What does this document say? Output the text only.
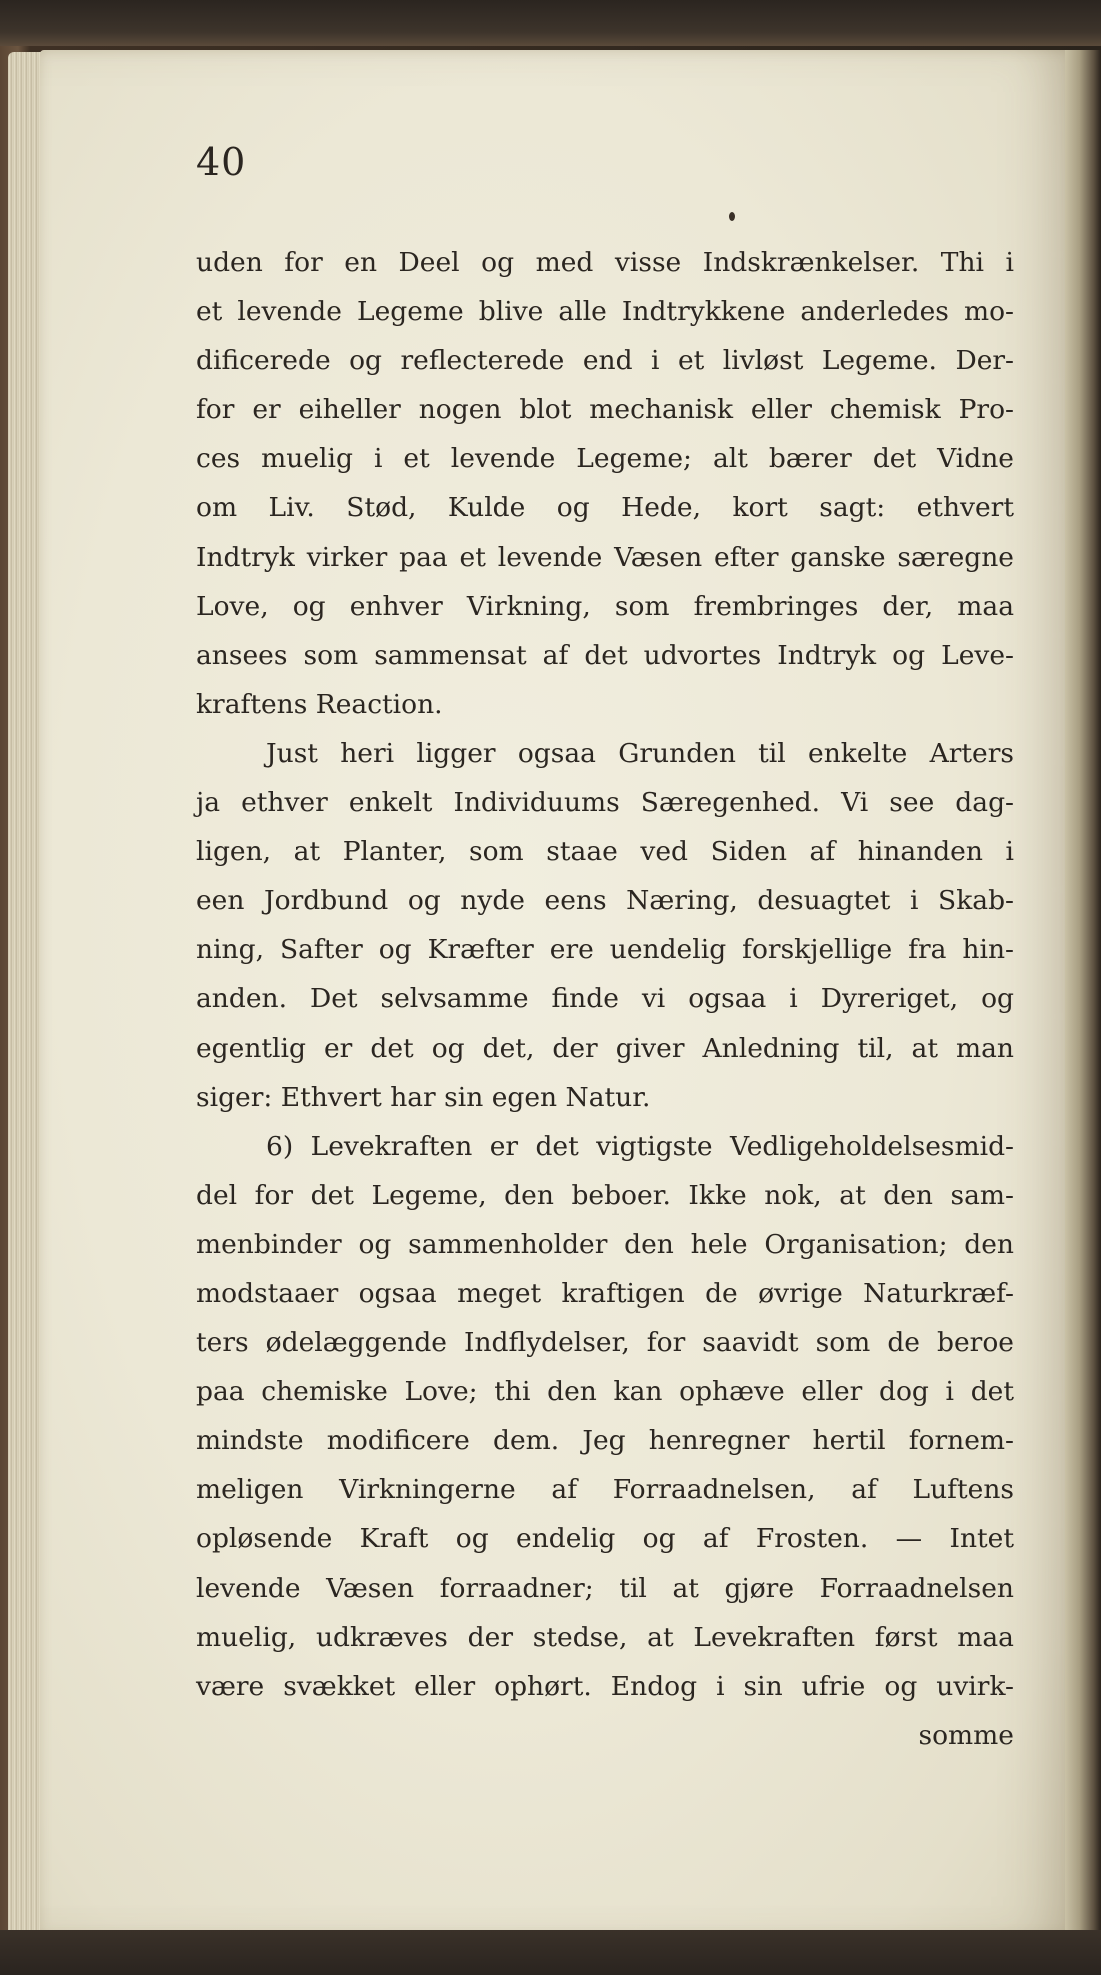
40
uden for en Deel og med visse Indskrænkelser. Thi i
et levende Legeme blive alle Indtrykkene anderledes mo-
dificerede og reflecterede end i et livløst Legeme. Der-
for er eiheller nogen blot mechanisk eller chemisk Pro-
ces muelig i et levende Legeme; alt bærer det Vidne
om Liv. Stød, Kulde og Hede, kort sagt: ethvert
Indtryk virker paa et levende Væsen efter ganske særegne
Love, og enhver Virkning, som frembringes der, maa
ansees som sammensat af det udvortes Indtryk og Leve-
kraftens Reaction.
Just heri ligger ogsaa Grunden til enkelte Arters
ja ethver enkelt Individuums Særegenhed. Vi see dag-
ligen, at Planter, som staae ved Siden af hinanden i
een Jordbund og nyde eens Næring, desuagtet i Skab-
ning, Safter og Kræfter ere uendelig forskjellige fra hin-
anden. Det selvsamme finde vi ogsaa i Dyreriget, og
egentlig er det og det, der giver Anledning til, at man
siger: Ethvert har sin egen Natur.
6) Levekraften er det vigtigste Vedligeholdelsesmid-
del for det Legeme, den beboer. Ikke nok, at den sam-
menbinder og sammenholder den hele Organisation; den
modstaaer ogsaa meget kraftigen de øvrige Naturkræf-
ters ødelæggende Indflydelser, for saavidt som de beroe
paa chemiske Love; thi den kan ophæve eller dog i det
mindste modificere dem. Jeg henregner hertil fornem-
meligen Virkningerne af Forraadnelsen, af Luftens
opløsende Kraft og endelig og af Frosten. — Intet
levende Væsen forraadner; til at gjøre Forraadnelsen
muelig, udkræves der stedse, at Levekraften først maa
være svækket eller ophørt. Endog i sin ufrie og uvirk-
somme
